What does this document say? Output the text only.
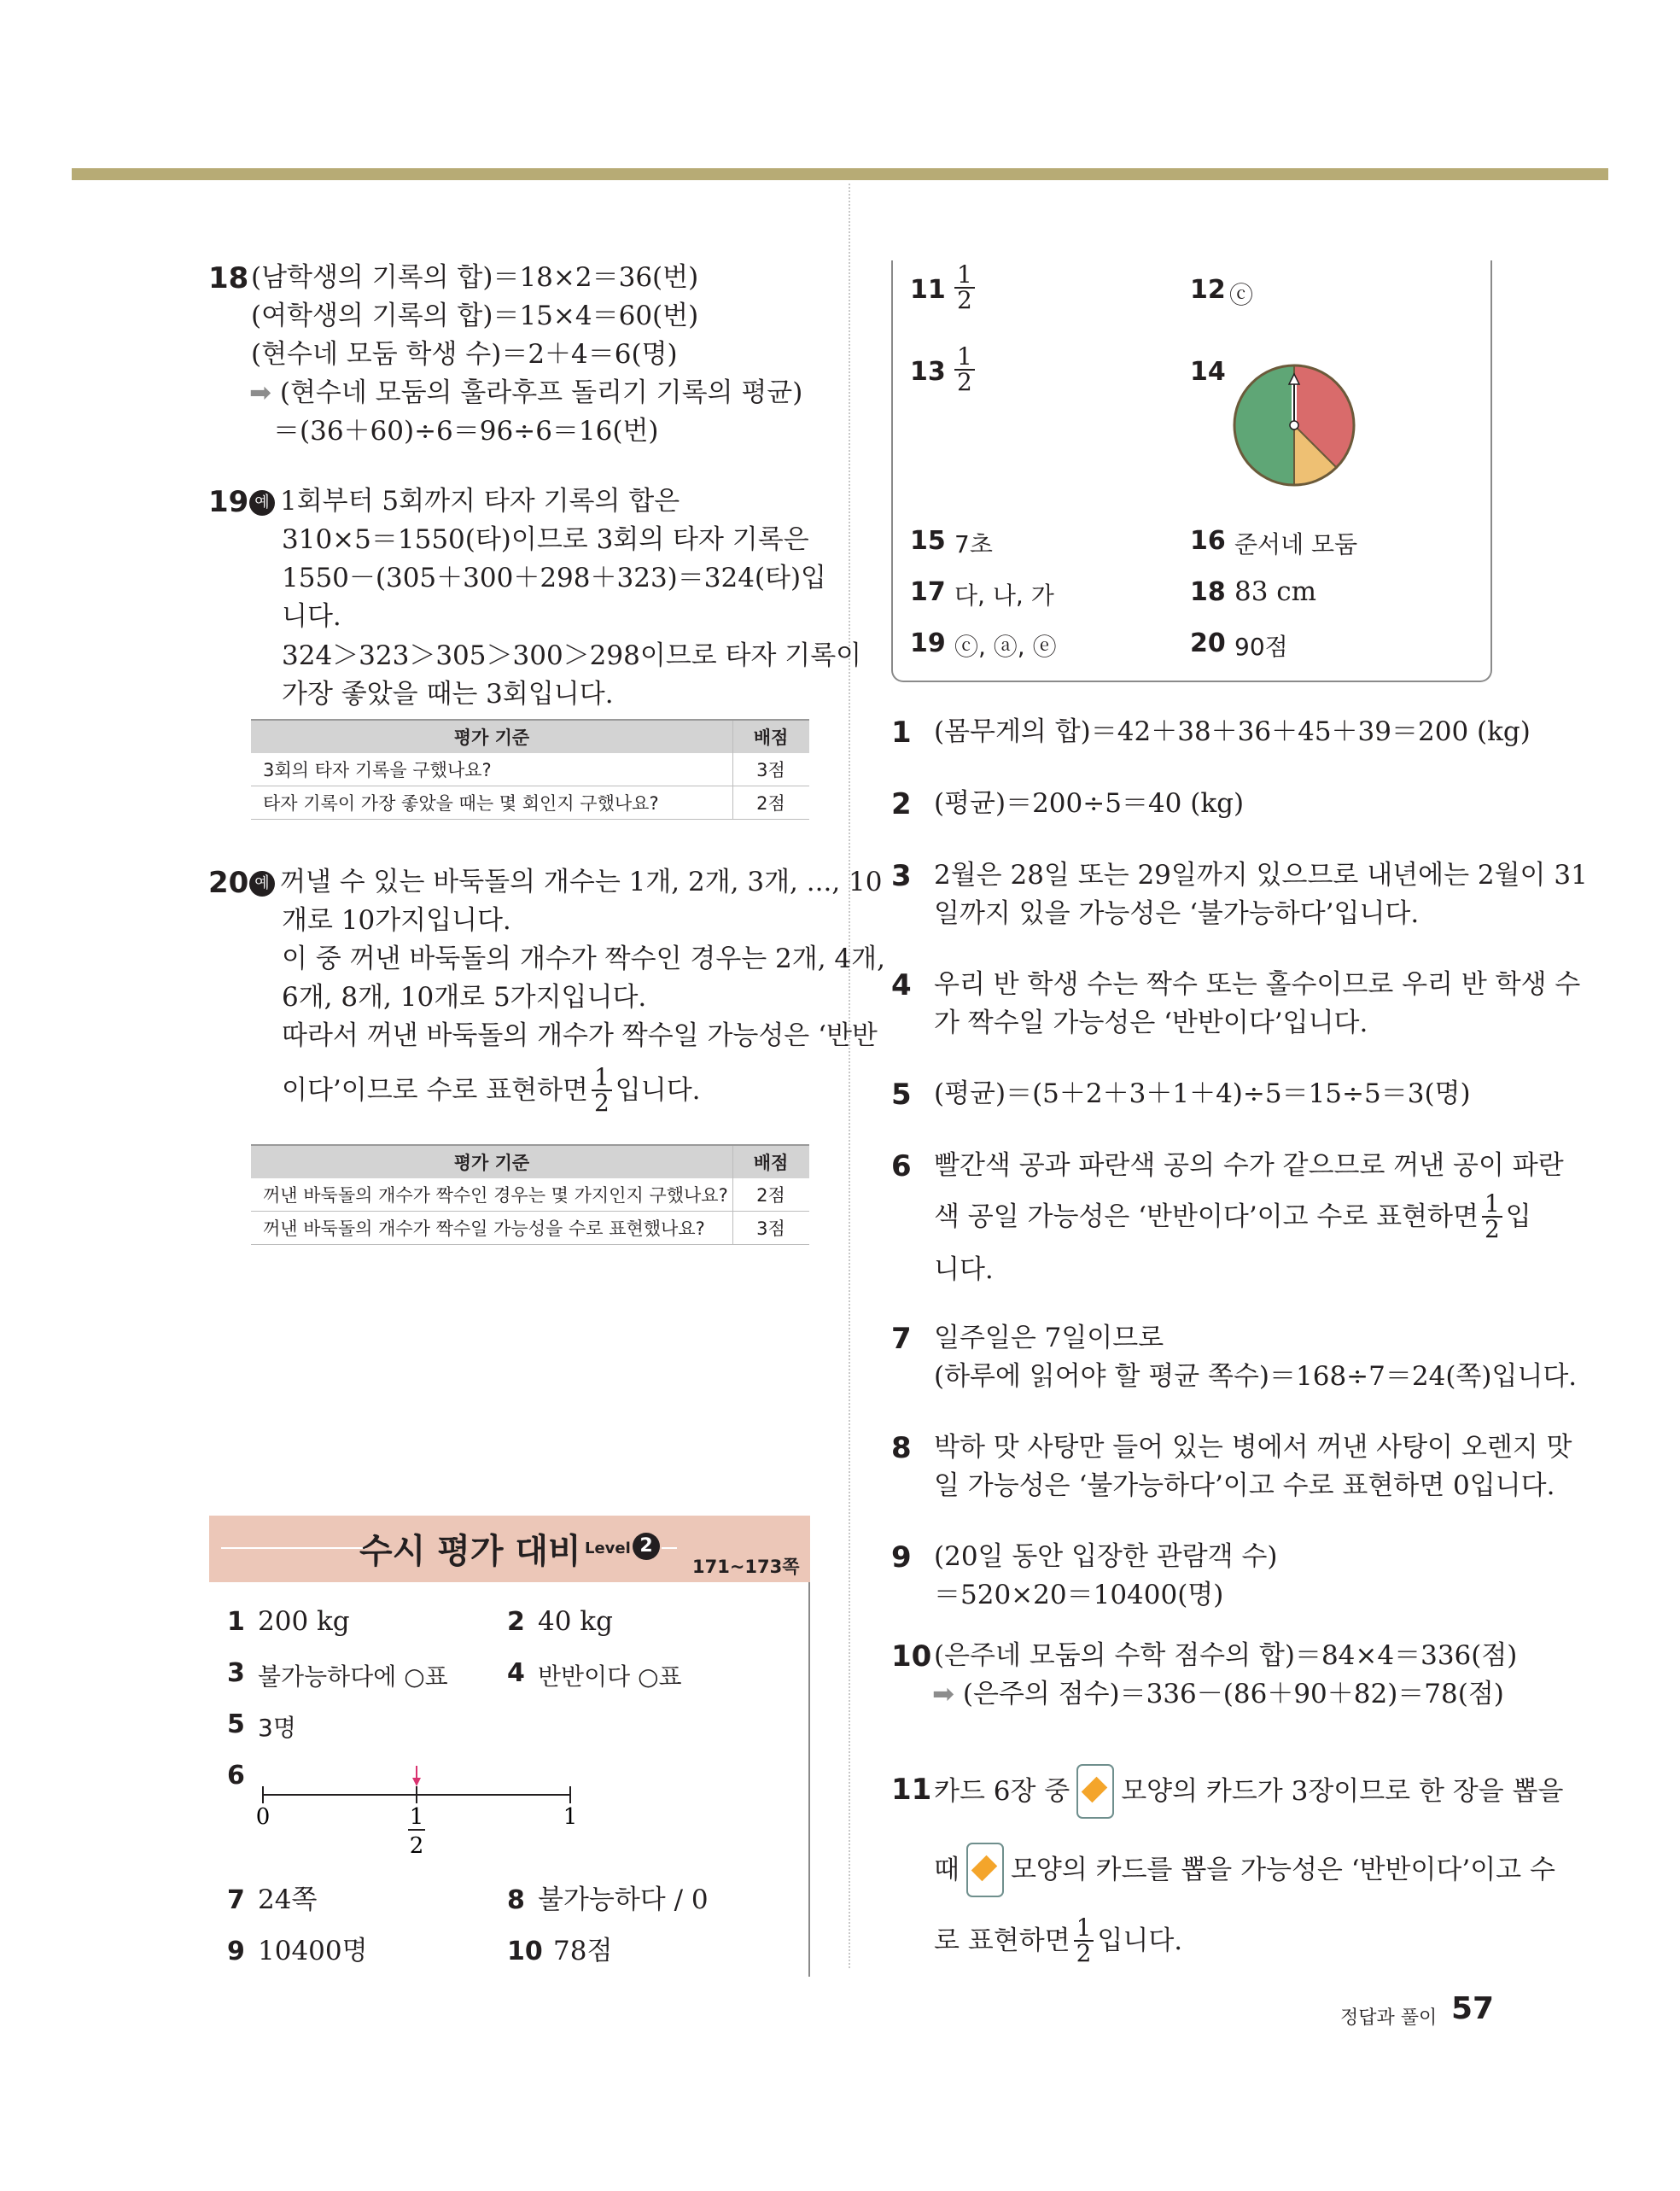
18 (남학생의 기록의 합)＝18×2＝36(번)
(여학생의 기록의 합)＝15×4＝60(번)
(현수네 모둠 학생 수)＝2＋4＝6(명)
➡ (현수네 모둠의 훌라후프 돌리기 기록의 평균)
＝(36＋60)÷6＝96÷6＝16(번)
19 예 1회부터 5회까지 타자 기록의 합은
310×5＝1550(타)이므로 3회의 타자 기록은
1550－(305＋300＋298＋323)＝324(타)입
니다.
324＞323＞305＞300＞298이므로 타자 기록이
가장 좋았을 때는 3회입니다.
평가 기준	배점
3회의 타자 기록을 구했나요?	3점
타자 기록이 가장 좋았을 때는 몇 회인지 구했나요?	2점
20 예 꺼낼 수 있는 바둑돌의 개수는 1개, 2개, 3개, ..., 10
개로 10가지입니다.
이 중 꺼낸 바둑돌의 개수가 짝수인 경우는 2개, 4개,
6개, 8개, 10개로 5가지입니다.
따라서 꺼낸 바둑돌의 개수가 짝수일 가능성은 ‘반반
이다’이므로 수로 표현하면 $\frac{1}{2}$ 입니다.
평가 기준	배점
꺼낸 바둑돌의 개수가 짝수인 경우는 몇 가지인지 구했나요?	2점
꺼낸 바둑돌의 개수가 짝수일 가능성을 수로 표현했나요?	3점
수시 평가 대비 Level 2
171~173쪽
1 200 kg	2 40 kg
3 불가능하다에 ○표 4 반반이다 ○표
5 3명
6
0	1
2
1
7 24쪽	8 불가능하다 / 0
9 10400명	10 78점
$11 \frac{1}{2}$	12 ⓒ
$13 \frac{1}{2}$	14
15 7초	16 준서네 모둠
17 다, 나, 가	18 83 cm
19 ⓒ, ⓐ, ⓔ	20 90점
1 (몸무게의 합)＝42＋38＋36＋45＋39＝200 (kg)
2 (평균)＝200÷5＝40 (kg)
3 2월은 28일 또는 29일까지 있으므로 내년에는 2월이 31
일까지 있을 가능성은 ‘불가능하다’입니다.
4 우리 반 학생 수는 짝수 또는 홀수이므로 우리 반 학생 수
가 짝수일 가능성은 ‘반반이다’입니다.
5 (평균)＝(5＋2＋3＋1＋4)÷5＝15÷5＝3(명)
6 빨간색 공과 파란색 공의 수가 같으므로 꺼낸 공이 파란
색 공일 가능성은 ‘반반이다’이고 수로 표현하면 $\frac{1}{2}$ 입
니다.
7 일주일은 7일이므로
(하루에 읽어야 할 평균 쪽수)＝168÷7＝24(쪽)입니다.
8 박하 맛 사탕만 들어 있는 병에서 꺼낸 사탕이 오렌지 맛
일 가능성은 ‘불가능하다’이고 수로 표현하면 0입니다.
9 (20일 동안 입장한 관람객 수)
＝520×20＝10400(명)
10 (은주네 모둠의 수학 점수의 합)＝84×4＝336(점)
➡ (은주의 점수)＝336－(86＋90＋82)＝78(점)
11 카드 6장 중 모양의 카드가 3장이므로 한 장을 뽑을
때 모양의 카드를 뽑을 가능성은 ‘반반이다’이고 수
로 표현하면 $\frac{1}{2}$ 입니다.
정답과 풀이 57
